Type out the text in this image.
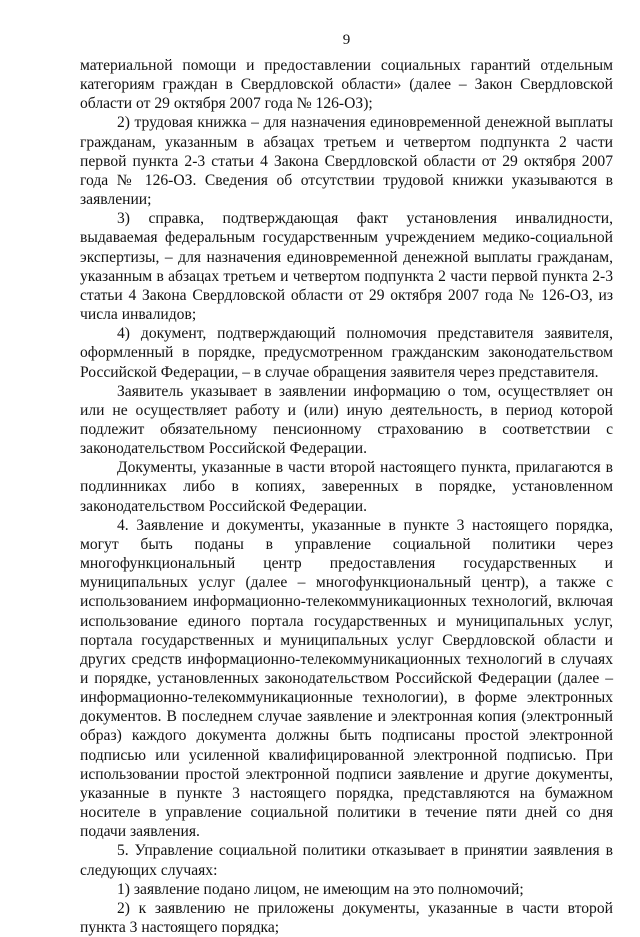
9

материальной помощи и предоставлении социальных гарантий отдельным категориям граждан в Свердловской области» (далее – Закон Свердловской области от 29 октября 2007 года № 126-ОЗ);

2) трудовая книжка – для назначения единовременной денежной выплаты гражданам, указанным в абзацах третьем и четвертом подпункта 2 части первой пункта 2-3 статьи 4 Закона Свердловской области от 29 октября 2007 года № 126-ОЗ. Сведения об отсутствии трудовой книжки указываются в заявлении;

3) справка, подтверждающая факт установления инвалидности, выдаваемая федеральным государственным учреждением медико-социальной экспертизы, – для назначения единовременной денежной выплаты гражданам, указанным в абзацах третьем и четвертом подпункта 2 части первой пункта 2-3 статьи 4 Закона Свердловской области от 29 октября 2007 года № 126-ОЗ, из числа инвалидов;

4) документ, подтверждающий полномочия представителя заявителя, оформленный в порядке, предусмотренном гражданским законодательством Российской Федерации, – в случае обращения заявителя через представителя.

Заявитель указывает в заявлении информацию о том, осуществляет он или не осуществляет работу и (или) иную деятельность, в период которой подлежит обязательному пенсионному страхованию в соответствии с законодательством Российской Федерации.

Документы, указанные в части второй настоящего пункта, прилагаются в подлинниках либо в копиях, заверенных в порядке, установленном законодательством Российской Федерации.

4. Заявление и документы, указанные в пункте 3 настоящего порядка, могут быть поданы в управление социальной политики через многофункциональный центр предоставления государственных и муниципальных услуг (далее – многофункциональный центр), а также с использованием информационно-телекоммуникационных технологий, включая использование единого портала государственных и муниципальных услуг, портала государственных и муниципальных услуг Свердловской области и других средств информационно-телекоммуникационных технологий в случаях и порядке, установленных законодательством Российской Федерации (далее – информационно-телекоммуникационные технологии), в форме электронных документов. В последнем случае заявление и электронная копия (электронный образ) каждого документа должны быть подписаны простой электронной подписью или усиленной квалифицированной электронной подписью. При использовании простой электронной подписи заявление и другие документы, указанные в пункте 3 настоящего порядка, представляются на бумажном носителе в управление социальной политики в течение пяти дней со дня подачи заявления.

5. Управление социальной политики отказывает в принятии заявления в следующих случаях:

1) заявление подано лицом, не имеющим на это полномочий;

2) к заявлению не приложены документы, указанные в части второй пункта 3 настоящего порядка;
